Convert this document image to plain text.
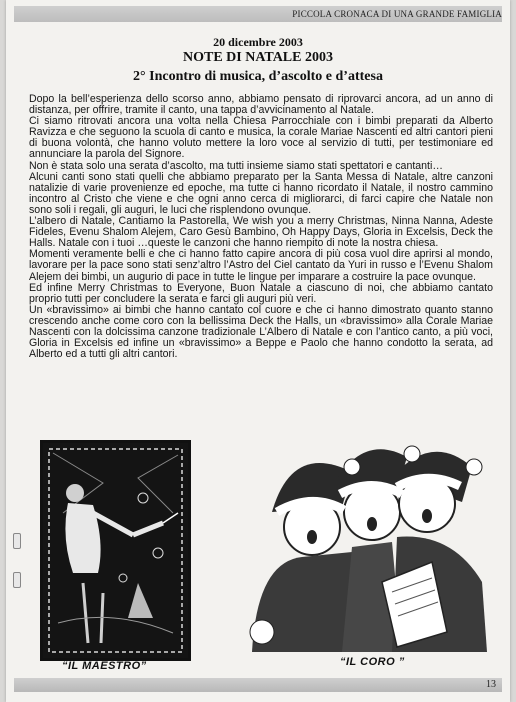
PICCOLA CRONACA DI UNA GRANDE FAMIGLIA
20 dicembre 2003
NOTE DI NATALE 2003
2° Incontro di musica, d’ascolto e d’attesa

Dopo la bell’esperienza dello scorso anno, abbiamo pensato di riprovarci ancora, ad un anno di distanza, per offrire, tramite il canto, una tappa d’avvicinamento al Natale.

Ci siamo ritrovati ancora una volta nella Chiesa Parrocchiale con i bimbi preparati da Alberto Ravizza e che seguono la scuola di canto e musica, la corale Mariae Nascenti ed altri cantori pieni di buona volontà, che hanno voluto mettere la loro voce al servizio di tutti, per testimoniare ed annunciare la parola del Signore.

Non è stata solo una serata d’ascolto, ma tutti insieme siamo stati spettatori e cantanti…

Alcuni canti sono stati quelli che abbiamo preparato per la Santa Messa di Natale, altre canzoni natalizie di varie provenienze ed epoche, ma tutte ci hanno ricordato il Natale, il nostro cammino incontro al Cristo che viene e che ogni anno cerca di migliorarci, di farci capire che Natale non sono soli i regali, gli auguri, le luci che risplendono ovunque.

L’albero di Natale, Cantiamo la Pastorella, We wish you a merry Christmas, Ninna Nanna, Adeste Fideles, Evenu Shalom Alejem, Caro Gesù Bambino, Oh Happy Days, Gloria in Excelsis, Deck the Halls. Natale con i tuoi …queste le canzoni che hanno riempito di note la nostra chiesa.

Momenti veramente belli e che ci hanno fatto capire ancora di più cosa vuol dire aprirsi al mondo, lavorare per la pace sono stati senz’altro l’Astro del Ciel cantato da Yuri in russo e l’Evenu Shalom Alejem dei bimbi, un augurio di pace in tutte le lingue per imparare a costruire la pace ovunque.

Ed infine Merry Christmas to Everyone, Buon Natale a ciascuno di noi, che abbiamo cantato proprio tutti per concludere la serata e farci gli auguri più veri.

Un «bravissimo» ai bimbi che hanno cantato col cuore e che ci hanno dimostrato quanto stanno crescendo anche come coro con la bellissima Deck the Halls, un «bravissimo» alla Corale Mariae Nascenti con la dolcissima canzone tradizionale L’Albero di Natale e con l’antico canto, a più voci, Gloria in Excelsis ed infine un «bravissimo» a Beppe e Paolo che hanno condotto la serata, ad Alberto ed a tutti gli altri cantori.

“IL MAESTRO”	“IL CORO ”
13
